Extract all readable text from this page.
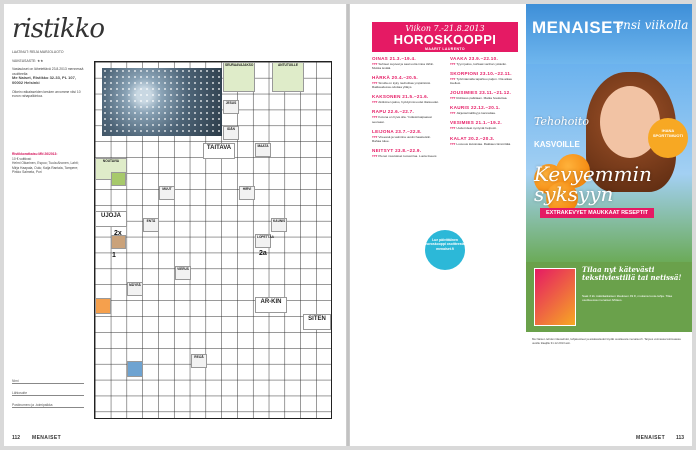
ristikko
LAATINUT: REIJA MARJOLUOTO
VAIKEUSASTE: ★★
Vastaukset on lähetettävä 23.8.2013 mennessä osoitteella:
Me Naiset, Ristikko 32-33, PL 107, 00002 Helsinki
Oikein ratkaisseiden kesken arvomme viisi 10 euron rahapalkintoa.
Ristikkoratkaisu MN 26/2013:
10 € voittivat:
Helmi Oikarinen, Espoo; Tuula Ahonen, Lahti; Mirja Haapala, Oulu; Kaija Rantala, Tampere; Pirkko Salmela, Pori
Nimi
Lähiosoite
Postinumero ja -toimipaikka
SEURAAVAJAKSO	ANTUTUILLE
JESUS
IDÄN
TAITAVA	MAATA
NOUTAVIA
UJOJA
ENTÄ
LOPETTAA
VIERUS
SITEN
AR-KIN
REIJÄ
MÄYRÄ
KAUNIS
MUUT	HIRVI
1	2a
2x
112 MENAISET
Viikon 7.-21.8.2013
HOROSKOOPPI
MAARIT LAURENTO
OINAS 21.3.–19.4.
♥♥♥ Suhteet sujuvat ja saat uutta intoa töihin. Muista levätä.
HÄRKÄ 20.4.–20.5.
♥♥♥ Sinulla on kyky rauhoittaa ympäristösi. Rakkaudessa odottaa yllätys.
KAKSONEN 21.5.–21.6.
♥♥♥ Aktiivinen jakso, hyödynnä uudet tilaisuudet.
RAPU 22.6.–22.7.
♥♥♥ Kotona on hyvä olla. Ystävät kaipaavat seuraasi.
LEIJONA 23.7.–22.8.
♥♥♥ Vireessä ja valmiina uusiin haasteisiin. Rahaa tulee.
NEITSYT 23.8.–22.9.
♥♥♥ Pienet muutokset tuovat iloa. Luota itseesi.
VAAKA 23.9.–22.10.
♥♥♥ Tyyni jakso, kohtaat vanhan ystävän.
SKORPIONI 23.10.–22.11.
♥♥♥ Työrintamalla tapahtuu paljon. Ota aikaa itsellesi.
JOUSIMIES 23.11.–21.12.
♥♥♥ Rohkeus palkitaan. Matka houkuttaa.
KAURIS 22.12.–20.1.
♥♥♥ Järjestelmällisyys kannattaa.
VESIMIES 21.1.–19.2.
♥♥♥ Uudet ideat syntyvät helposti.
KALAT 20.2.–20.3.
♥♥♥ Luovuus kukoistaa. Rakkaus lämmittää.
Lue päivittäinen horoskooppi osoitteesta menaiset.fi
MENAISET
ensi viikolla
Tehohoito
KASVOILLE
IHANA SPORTTIMUOTI
Kevyemmin syksyyn
EXTRAKEVYET MAUKKAAT RESEPTIT
Tilaa nyt kätevästi tekstiviestillä tai netissä!
Saat 3 kk määräaikaisen tilauksen 49 €, mukana tuote-lahja. Tilaa osoitteessa menaiset.fi/tilaus.
Me Naiset -lehden tilausehdot, lahjatuotteet ja asiakastiedot löydät osoitteesta menaiset.fi. Tarjous voimassa kotimaassa uusille tilaajille 31.12.2013 asti.
MENAISET 113
